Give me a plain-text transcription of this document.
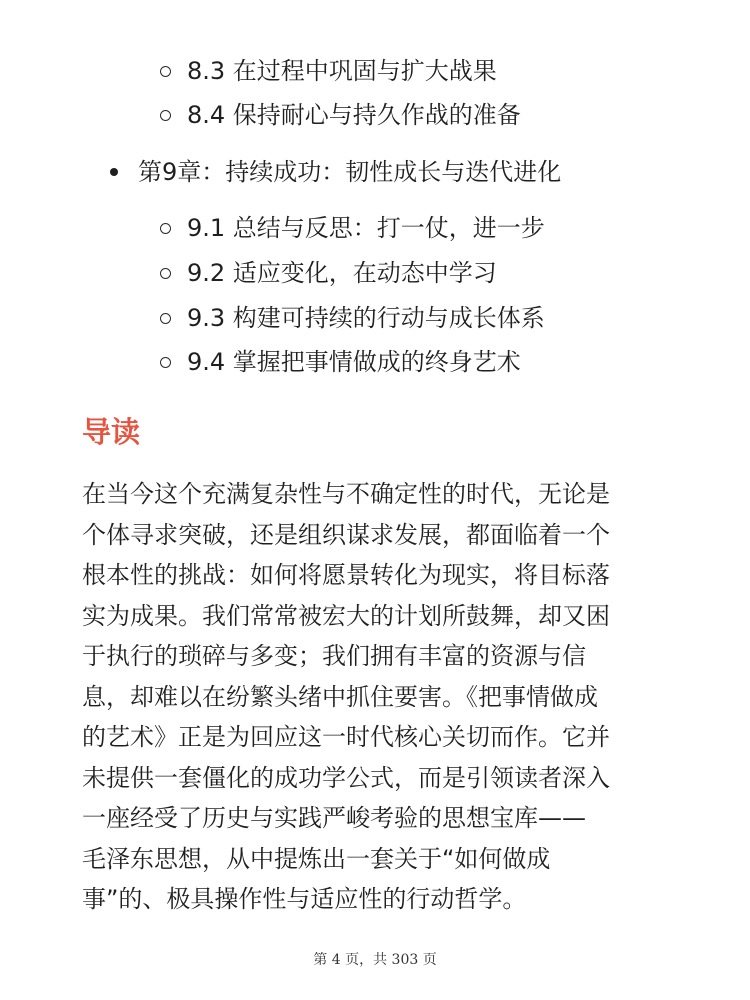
8.3 在过程中巩固与扩大战果
8.4 保持耐心与持久作战的准备
第9章：持续成功：韧性成长与迭代进化
9.1 总结与反思：打一仗，进一步
9.2 适应变化，在动态中学习
9.3 构建可持续的行动与成长体系
9.4 掌握把事情做成的终身艺术
导读
在当今这个充满复杂性与不确定性的时代，无论是
个体寻求突破，还是组织谋求发展，都面临着一个
根本性的挑战：如何将愿景转化为现实，将目标落
实为成果。我们常常被宏大的计划所鼓舞，却又困
于执行的琐碎与多变；我们拥有丰富的资源与信
息，却难以在纷繁头绪中抓住要害。《把事情做成
的艺术》正是为回应这一时代核心关切而作。它并
未提供一套僵化的成功学公式，而是引领读者深入
一座经受了历史与实践严峻考验的思想宝库——
毛泽东思想，从中提炼出一套关于“如何做成
事”的、极具操作性与适应性的行动哲学。
第 4 页，共 303 页
